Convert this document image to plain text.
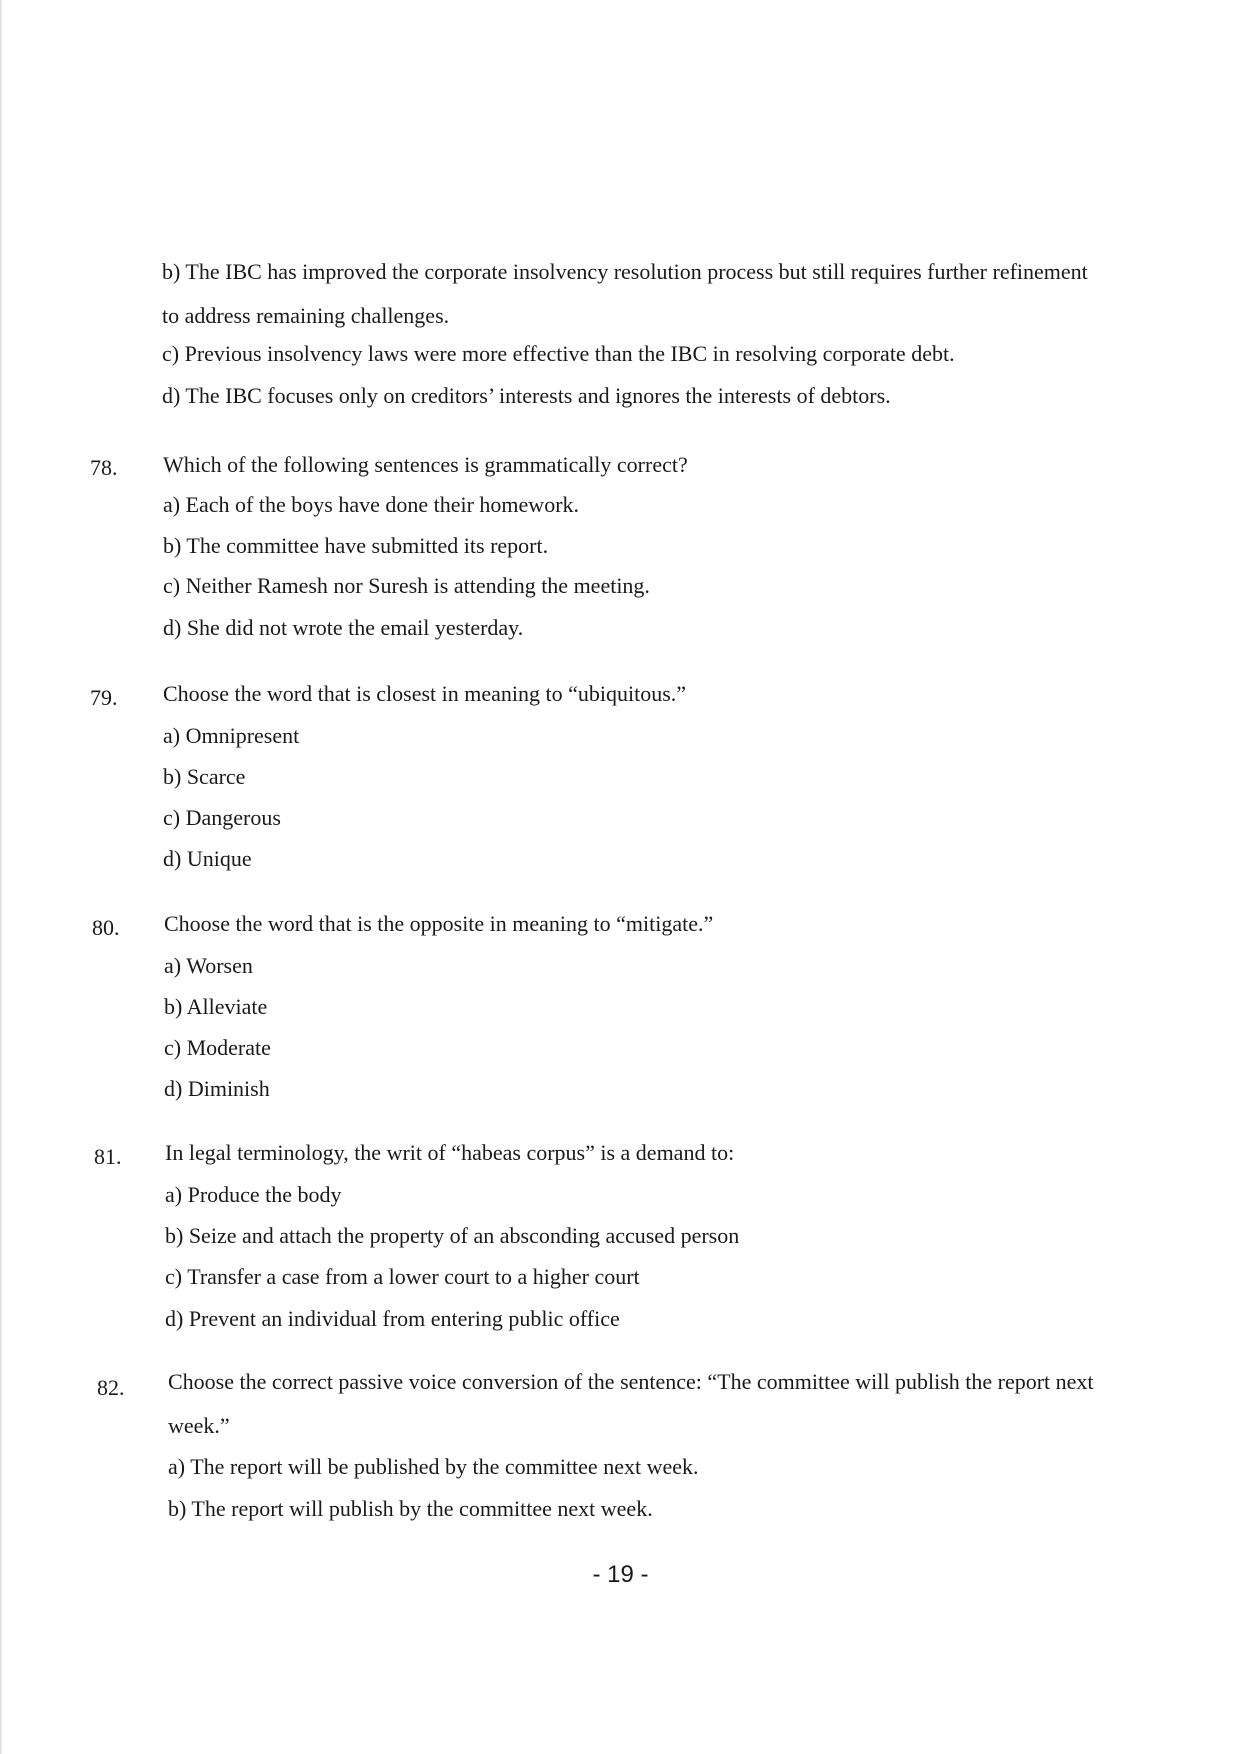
b) The IBC has improved the corporate insolvency resolution process but still requires further refinement
to address remaining challenges.
c) Previous insolvency laws were more effective than the IBC in resolving corporate debt.
d) The IBC focuses only on creditors’ interests and ignores the interests of debtors.
78. Which of the following sentences is grammatically correct?
a) Each of the boys have done their homework.
b) The committee have submitted its report.
c) Neither Ramesh nor Suresh is attending the meeting.
d) She did not wrote the email yesterday.
79. Choose the word that is closest in meaning to “ubiquitous.”
a) Omnipresent
b) Scarce
c) Dangerous
d) Unique
80. Choose the word that is the opposite in meaning to “mitigate.”
a) Worsen
b) Alleviate
c) Moderate
d) Diminish
81. In legal terminology, the writ of “habeas corpus” is a demand to:
a) Produce the body
b) Seize and attach the property of an absconding accused person
c) Transfer a case from a lower court to a higher court
d) Prevent an individual from entering public office
82. Choose the correct passive voice conversion of the sentence: “The committee will publish the report next
week.”
a) The report will be published by the committee next week.
b) The report will publish by the committee next week.
- 19 -
